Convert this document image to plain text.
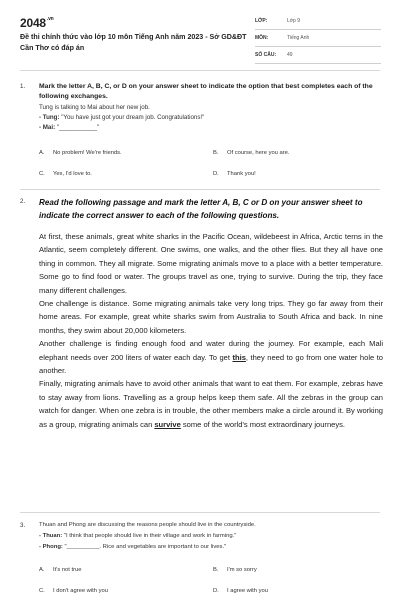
$2048^{.vn}$
Đề thi chính thức vào lớp 10 môn Tiếng Anh năm 2023 - Sở GD&ĐT Cần Thơ có đáp án
LỚP:	Lớp 9
MÔN:	Tiếng Anh
SỐ CÂU:	49
1. Mark the letter A, B, C, or D on your answer sheet to indicate the option that best completes each of the following exchanges.
Tung is talking to Mai about her new job.
- Tung: "You have just got your dream job. Congratulations!"
- Mai: "___________"
A. No problem! We're friends.	B. Of course, here you are.
C. Yes, I'd love to.	D. Thank you!
2. Read the following passage and mark the letter A, B, C or D on your answer sheet to indicate the correct answer to each of the following questions.

At first, these animals, great white sharks in the Pacific Ocean, wildebeest in Africa, Arctic terns in the Atlantic, seem completely different. One swims, one walks, and the other flies. But they all have one thing in common. They all migrate. Some migrating animals move to a place with a better temperature. Some go to find food or water. The groups travel as one, trying to survive. During the trip, they face many different challenges.

One challenge is distance. Some migrating animals take very long trips. They go far away from their home areas. For example, great white sharks swim from Australia to South Africa and back. In nine months, they swim about 20,000 kilometers.

Another challenge is finding enough food and water during the journey. For example, each Mali elephant needs over 200 liters of water each day. To get this, they need to go from one water hole to another.

Finally, migrating animals have to avoid other animals that want to eat them. For example, zebras have to stay away from lions. Travelling as a group helps keep them safe. All the zebras in the group can watch for danger. When one zebra is in trouble, the other members make a circle around it. By working as a group, migrating animals can survive some of the world's most extraordinary journeys.

3. Thuan and Phong are discussing the reasons people should live in the countryside.
- Thuan: "I think that people should live in their village and work in farming."
- Phong: "__________. Rice and vegetables are important to our lives."
A. It's not true	B. I'm so sorry
C. I don't agree with you	D. I agree with you
